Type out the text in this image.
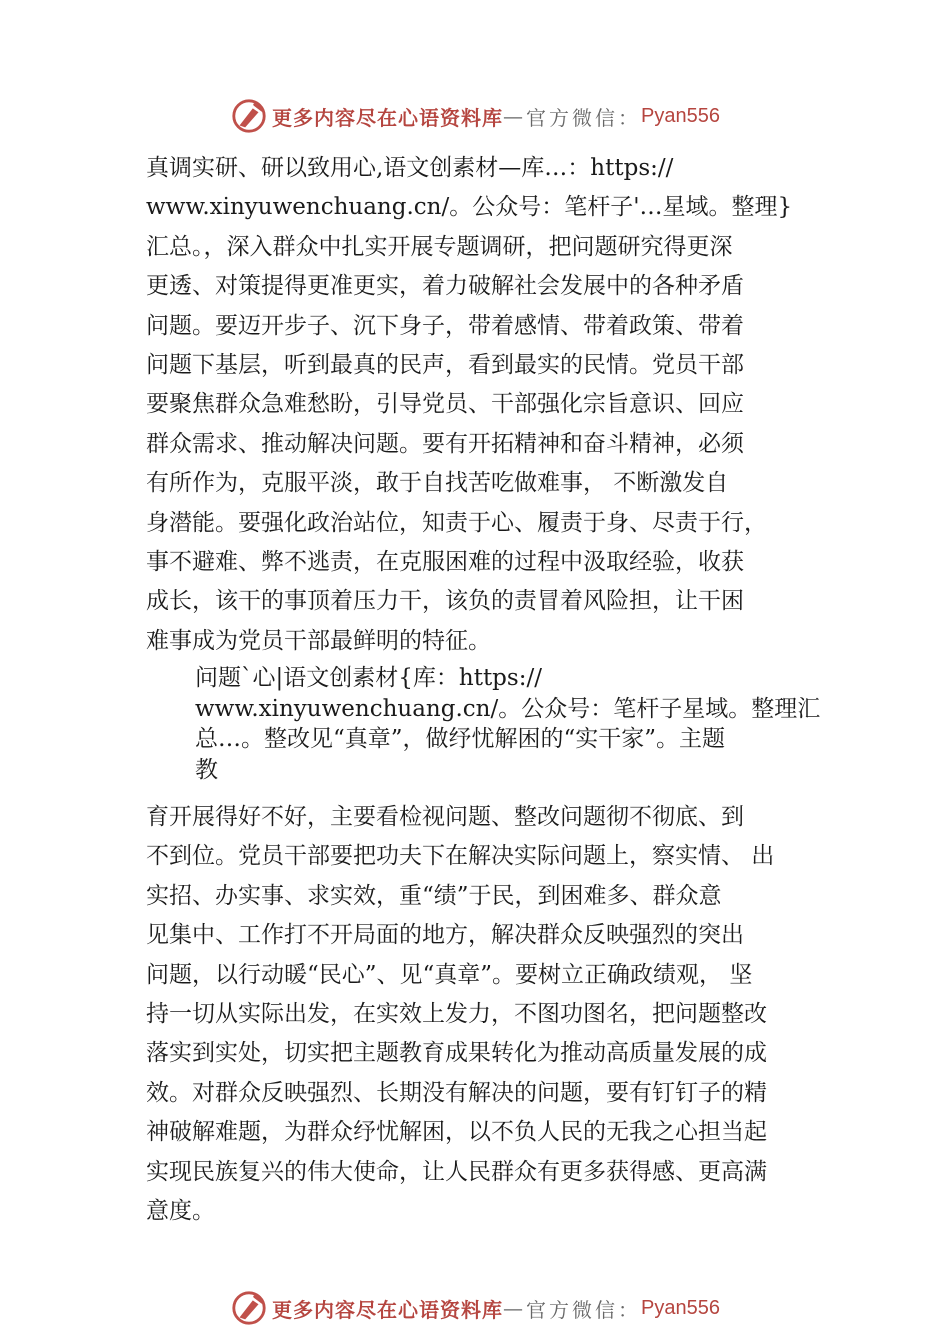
更多内容尽在心语资料库 — 官方微信： Pyan556
真调实研、研以致用心,语文创素材—库…：https://
www.xinyuwenchuang.cn/。公众号：笔杆子'…星域。整理}
汇总。，深入群众中扎实开展专题调研，把问题研究得更深
更透、对策提得更准更实，着力破解社会发展中的各种矛盾
问题。要迈开步子、沉下身子，带着感情、带着政策、带着
问题下基层，听到最真的民声，看到最实的民情。党员干部
要聚焦群众急难愁盼，引导党员、干部强化宗旨意识、回应
群众需求、推动解决问题。要有开拓精神和奋斗精神，必须
有所作为，克服平淡，敢于自找苦吃做难事， 不断激发自
身潜能。要强化政治站位，知责于心、履责于身、尽责于行，
事不避难、弊不逃责，在克服困难的过程中汲取经验，收获
成长，该干的事顶着压力干，该负的责冒着风险担，让干困
难事成为党员干部最鲜明的特征。
问题`心|语文创素材{库：https://
www.xinyuwenchuang.cn/。公众号：笔杆子星域。整理汇
总…。整改见“真章”，做纾忧解困的“实干家”。主题
教
育开展得好不好，主要看检视问题、整改问题彻不彻底、到
不到位。党员干部要把功夫下在解决实际问题上，察实情、 出
实招、办实事、求实效，重“绩”于民，到困难多、群众意
见集中、工作打不开局面的地方，解决群众反映强烈的突出
问题，以行动暖“民心”、见“真章”。要树立正确政绩观， 坚
持一切从实际出发，在实效上发力，不图功图名，把问题整改
落实到实处，切实把主题教育成果转化为推动高质量发展的成
效。对群众反映强烈、长期没有解决的问题，要有钉钉子的精
神破解难题，为群众纾忧解困，以不负人民的无我之心担当起
实现民族复兴的伟大使命，让人民群众有更多获得感、更高满
意度。
更多内容尽在心语资料库 — 官方微信： Pyan556
